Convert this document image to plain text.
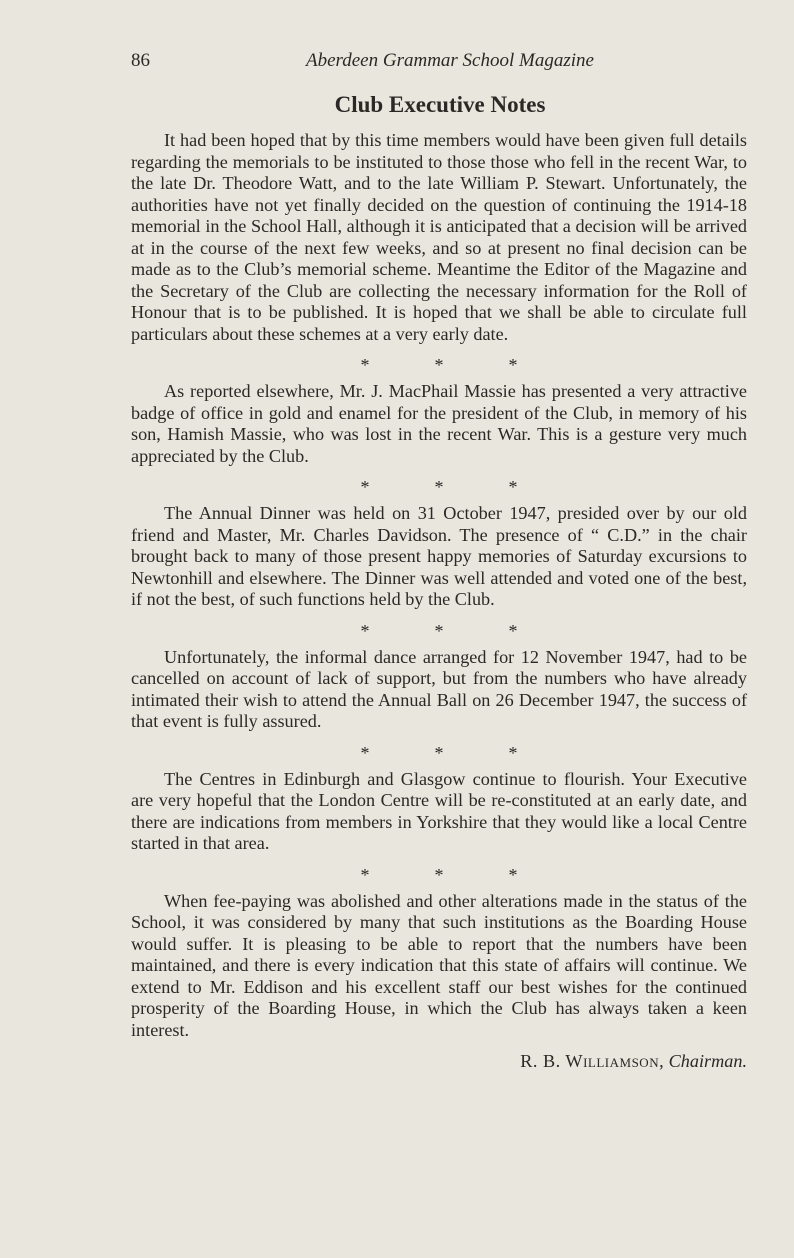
86	Aberdeen Grammar School Magazine
Club Executive Notes

It had been hoped that by this time members would have been given full details regarding the memorials to be instituted to those those who fell in the recent War, to the late Dr. Theodore Watt, and to the late William P. Stewart. Unfortunately, the authorities have not yet finally decided on the question of continuing the 1914-18 memorial in the School Hall, although it is anticipated that a decision will be arrived at in the course of the next few weeks, and so at present no final decision can be made as to the Club’s memorial scheme. Meantime the Editor of the Magazine and the Secretary of the Club are collecting the necessary information for the Roll of Honour that is to be published. It is hoped that we shall be able to circulate full particulars about these schemes at a very early date.

*	*	*

As reported elsewhere, Mr. J. MacPhail Massie has presented a very attractive badge of office in gold and enamel for the president of the Club, in memory of his son, Hamish Massie, who was lost in the recent War. This is a gesture very much appreciated by the Club.

*	*	*

The Annual Dinner was held on 31 October 1947, presided over by our old friend and Master, Mr. Charles Davidson. The presence of “ C.D.” in the chair brought back to many of those present happy memories of Saturday excursions to Newtonhill and elsewhere. The Dinner was well attended and voted one of the best, if not the best, of such functions held by the Club.

*	*	*

Unfortunately, the informal dance arranged for 12 November 1947, had to be cancelled on account of lack of support, but from the numbers who have already intimated their wish to attend the Annual Ball on 26 December 1947, the success of that event is fully assured.

*	*	*

The Centres in Edinburgh and Glasgow continue to flourish. Your Executive are very hopeful that the London Centre will be re-constituted at an early date, and there are indications from members in Yorkshire that they would like a local Centre started in that area.

*	*	*

When fee-paying was abolished and other alterations made in the status of the School, it was considered by many that such institutions as the Boarding House would suffer. It is pleasing to be able to report that the numbers have been maintained, and there is every indication that this state of affairs will continue. We extend to Mr. Eddison and his excellent staff our best wishes for the continued prosperity of the Boarding House, in which the Club has always taken a keen interest.

R. B. Williamson, Chairman.
